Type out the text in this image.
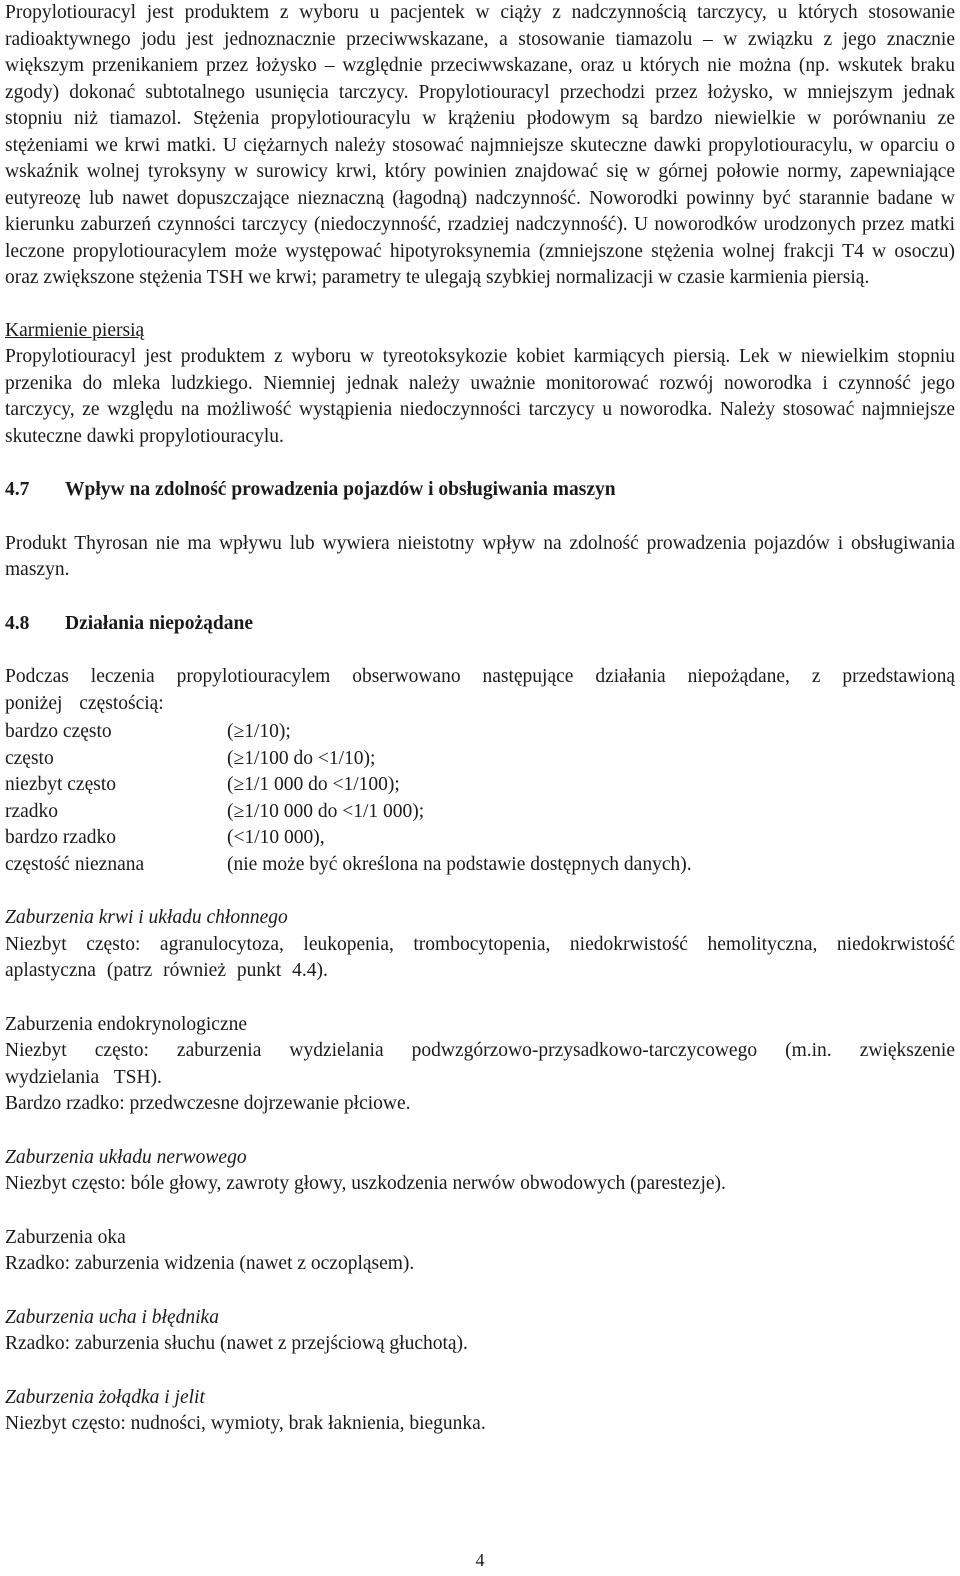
Propylotiouracyl jest produktem z wyboru u pacjentek w ciąży z nadczynnością tarczycy, u których stosowanie radioaktywnego jodu jest jednoznacznie przeciwwskazane, a stosowanie tiamazolu – w związku z jego znacznie większym przenikaniem przez łożysko – względnie przeciwwskazane, oraz u których nie można (np. wskutek braku zgody) dokonać subtotalnego usunięcia tarczycy. Propylotiouracyl przechodzi przez łożysko, w mniejszym jednak stopniu niż tiamazol. Stężenia propylotiouracylu w krążeniu płodowym są bardzo niewielkie w porównaniu ze stężeniami we krwi matki. U ciężarnych należy stosować najmniejsze skuteczne dawki propylotiouracylu, w oparciu o wskaźnik wolnej tyroksyny w surowicy krwi, który powinien znajdować się w górnej połowie normy, zapewniające eutyreozę lub nawet dopuszczające nieznaczną (łagodną) nadczynność. Noworodki powinny być starannie badane w kierunku zaburzeń czynności tarczycy (niedoczynność, rzadziej nadczynność). U noworodków urodzonych przez matki leczone propylotiouracylem może występować hipotyroksynemia (zmniejszone stężenia wolnej frakcji T4 w osoczu) oraz zwiększone stężenia TSH we krwi; parametry te ulegają szybkiej normalizacji w czasie karmienia piersią.

Karmienie piersią

Propylotiouracyl jest produktem z wyboru w tyreotoksykozie kobiet karmiących piersią. Lek w niewielkim stopniu przenika do mleka ludzkiego. Niemniej jednak należy uważnie monitorować rozwój noworodka i czynność jego tarczycy, ze względu na możliwość wystąpienia niedoczynności tarczycy u noworodka. Należy stosować najmniejsze skuteczne dawki propylotiouracylu.

4.7	Wpływ na zdolność prowadzenia pojazdów i obsługiwania maszyn

Produkt Thyrosan nie ma wpływu lub wywiera nieistotny wpływ na zdolność prowadzenia pojazdów i obsługiwania maszyn.

4.8	Działania niepożądane

Podczas leczenia propylotiouracylem obserwowano następujące działania niepożądane, z przedstawioną poniżej częstością:

bardzo często	(≥1/10);
często	(≥1/100 do <1/10);
niezbyt często	(≥1/1 000 do <1/100);
rzadko	(≥1/10 000 do <1/1 000);
bardzo rzadko	(<1/10 000),
częstość nieznana	(nie może być określona na podstawie dostępnych danych).

Zaburzenia krwi i układu chłonnego

Niezbyt często: agranulocytoza, leukopenia, trombocytopenia, niedokrwistość hemolityczna, niedokrwistość aplastyczna (patrz również punkt 4.4).

Zaburzenia endokrynologiczne

Niezbyt często: zaburzenia wydzielania podwzgórzowo-przysadkowo-tarczycowego (m.in. zwiększenie wydzielania TSH).

Bardzo rzadko: przedwczesne dojrzewanie płciowe.

Zaburzenia układu nerwowego

Niezbyt często: bóle głowy, zawroty głowy, uszkodzenia nerwów obwodowych (parestezje).

Zaburzenia oka

Rzadko: zaburzenia widzenia (nawet z oczopląsem).

Zaburzenia ucha i błędnika

Rzadko: zaburzenia słuchu (nawet z przejściową głuchotą).

Zaburzenia żołądka i jelit

Niezbyt często: nudności, wymioty, brak łaknienia, biegunka.

4
